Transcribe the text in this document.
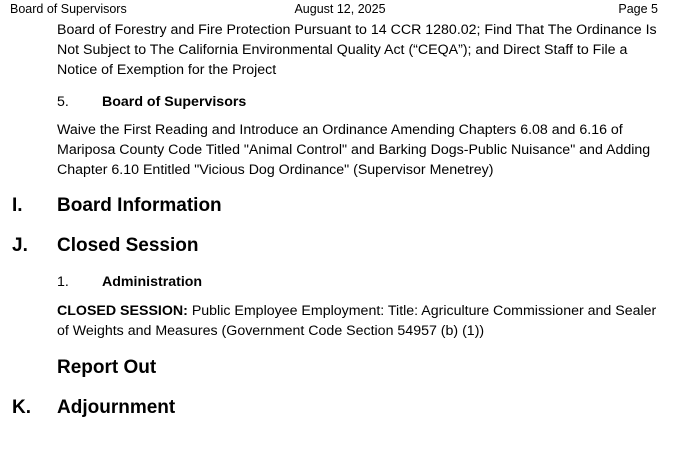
Board of Supervisors	August 12, 2025	Page 5
Board of Forestry and Fire Protection Pursuant to 14 CCR 1280.02; Find That The Ordinance Is Not Subject to The California Environmental Quality Act (“CEQA”); and Direct Staff to File a Notice of Exemption for the Project
5. Board of Supervisors
Waive the First Reading and Introduce an Ordinance Amending Chapters 6.08 and 6.16 of Mariposa County Code Titled "Animal Control" and Barking Dogs-Public Nuisance" and Adding Chapter 6.10 Entitled "Vicious Dog Ordinance" (Supervisor Menetrey)
I. Board Information
J. Closed Session
1. Administration
CLOSED SESSION: Public Employee Employment: Title: Agriculture Commissioner and Sealer of Weights and Measures (Government Code Section 54957 (b) (1))
Report Out
K. Adjournment
